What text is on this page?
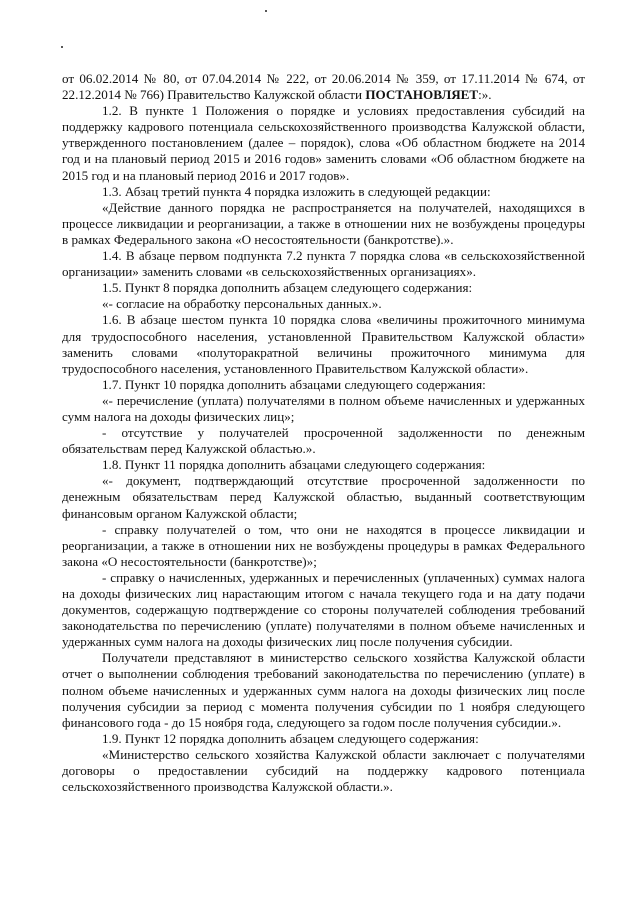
от 06.02.2014 № 80, от 07.04.2014 № 222, от 20.06.2014 № 359, от 17.11.2014 № 674, от 22.12.2014 № 766) Правительство Калужской области ПОСТАНОВЛЯЕТ:».

1.2. В пункте 1 Положения о порядке и условиях предоставления субсидий на поддержку кадрового потенциала сельскохозяйственного производства Калужской области, утвержденного постановлением (далее – порядок), слова «Об областном бюджете на 2014 год и на плановый период 2015 и 2016 годов» заменить словами «Об областном бюджете на 2015 год и на плановый период 2016 и 2017 годов».

1.3. Абзац третий пункта 4 порядка изложить в следующей редакции:

«Действие данного порядка не распространяется на получателей, находящихся в процессе ликвидации и реорганизации, а также в отношении них не возбуждены процедуры в рамках Федерального закона «О несостоятельности (банкротстве).».

1.4. В абзаце первом подпункта 7.2 пункта 7 порядка слова «в сельскохозяйственной организации» заменить словами «в сельскохозяйственных организациях».

1.5. Пункт 8 порядка дополнить абзацем следующего содержания:

«- согласие на обработку персональных данных.».

1.6. В абзаце шестом пункта 10 порядка слова «величины прожиточного минимума для трудоспособного населения, установленной Правительством Калужской области» заменить словами «полуторакратной величины прожиточного минимума для трудоспособного населения, установленного Правительством Калужской области».

1.7. Пункт 10 порядка дополнить абзацами следующего содержания:

«- перечисление (уплата) получателями в полном объеме начисленных и удержанных сумм налога на доходы физических лиц»;

- отсутствие у получателей просроченной задолженности по денежным обязательствам перед Калужской областью.».

1.8. Пункт 11 порядка дополнить абзацами следующего содержания:

«- документ, подтверждающий отсутствие просроченной задолженности по денежным обязательствам перед Калужской областью, выданный соответствующим финансовым органом Калужской области;

- справку получателей о том, что они не находятся в процессе ликвидации и реорганизации, а также в отношении них не возбуждены процедуры в рамках Федерального закона «О несостоятельности (банкротстве)»;

- справку о начисленных, удержанных и перечисленных (уплаченных) суммах налога на доходы физических лиц нарастающим итогом с начала текущего года и на дату подачи документов, содержащую подтверждение со стороны получателей соблюдения требований законодательства по перечислению (уплате) получателями в полном объеме начисленных и удержанных сумм налога на доходы физических лиц после получения субсидии.

Получатели представляют в министерство сельского хозяйства Калужской области отчет о выполнении соблюдения требований законодательства по перечислению (уплате) в полном объеме начисленных и удержанных сумм налога на доходы физических лиц после получения субсидии за период с момента получения субсидии по 1 ноября следующего финансового года - до 15 ноября года, следующего за годом после получения субсидии.».

1.9. Пункт 12 порядка дополнить абзацем следующего содержания:

«Министерство сельского хозяйства Калужской области заключает с получателями договоры о предоставлении субсидий на поддержку кадрового потенциала сельскохозяйственного производства Калужской области.».
